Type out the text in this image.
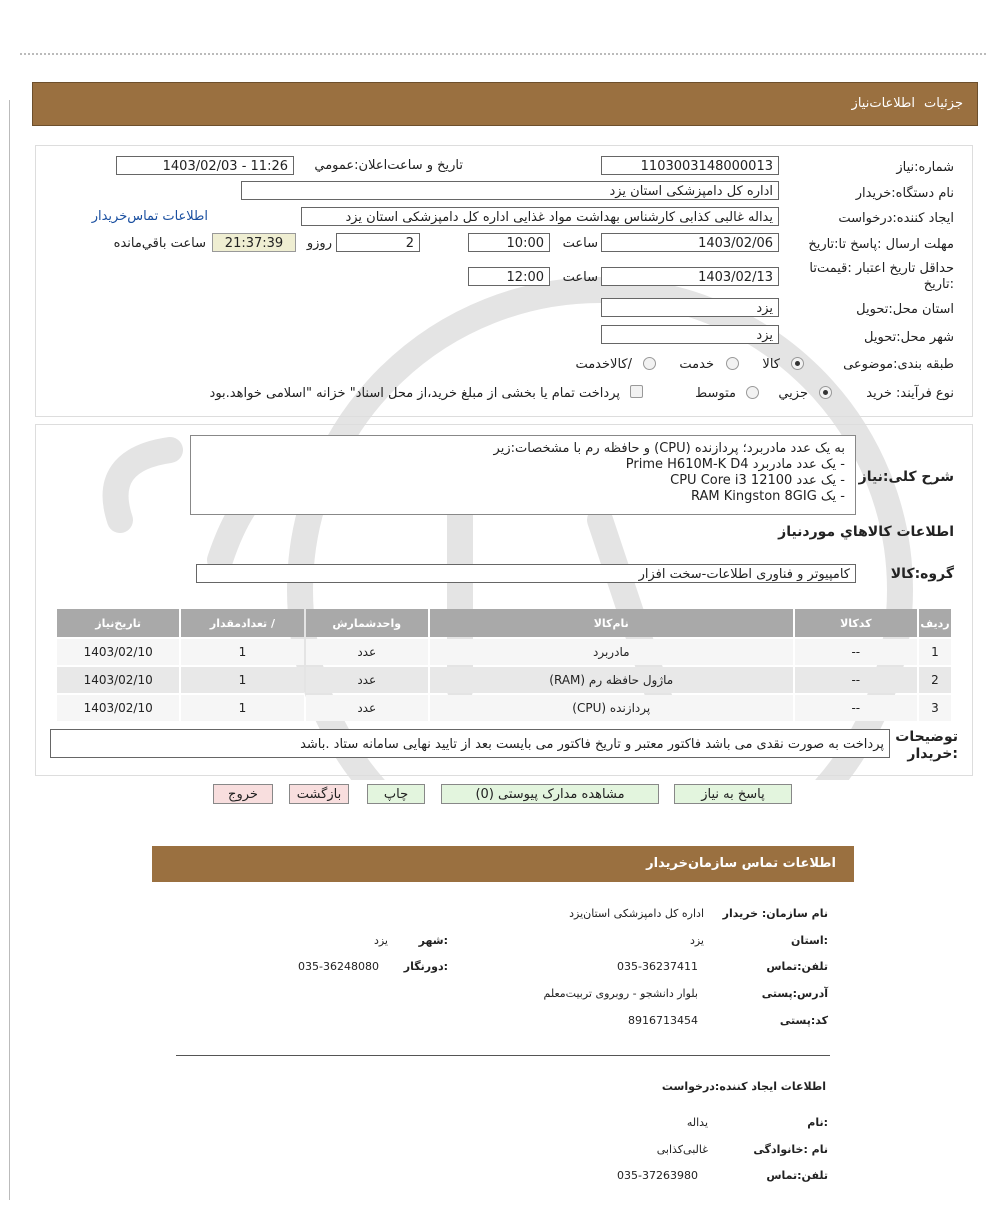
جزئیات
اطلاعات‌نیاز
شماره:نیاز
1103003148000013
تاریخ و ساعت‌اعلان:عمومي
1403/02/03 - 11:26
نام دستگاه:خریدار
اداره کل دامپزشکی استان یزد
ایجاد کننده:درخواست
یداله غالبی کذابی کارشناس بهداشت مواد غذایی اداره کل دامپزشکی استان یزد
اطلاعات تماس‌خریدار
مهلت ارسال :پاسخ تا:تاریخ
1403/02/06
ساعت
10:00
2
روزو
21:37:39
ساعت باقي‌مانده
حداقل تاریخ اعتبار :قیمت‌تا :تاریخ
1403/02/13
ساعت
12:00
استان محل:تحویل
یزد
شهر محل:تحویل
یزد
طبقه بندی:موضوعی
کالا
خدمت
/کالاخدمت
نوع فرآیند: خرید
جزيي
متوسط
پرداخت تمام یا بخشی از مبلغ خرید،از محل اسناد" خزانه "اسلامی خواهد.بود
شرح کلی:نیاز
به یک عدد مادربرد؛ پردازنده (CPU) و حافظه رم با مشخصات:زیر
- یک عدد مادربرد Prime H610M-K D4
- یک عدد CPU Core i3 12100
- یک RAM Kingston 8GIG
اطلاعات کالاهاي موردنیاز
گروه:کالا
کامپیوتر و فناوری اطلاعات-سخت افزار
ردیف	کدکالا	نام‌کالا	واحدشمارش	/ تعدادمقدار	تاریخ‌نیاز
1	--	مادربرد	عدد	1	1403/02/10
2	--	ماژول حافظه رم (RAM)	عدد	1	1403/02/10
3	--	پردازنده (CPU)	عدد	1	1403/02/10
توضیحات :خریدار
پرداخت به صورت نقدی می باشد فاکتور معتبر و تاریخ فاکتور می بایست بعد از تایید نهایی سامانه ستاد .باشد
پاسخ به نیاز
مشاهده مدارک پیوستی (0)
چاپ
بازگشت
خروج
اطلاعات تماس سازمان‌خریدار
نام سازمان: خریدار
اداره کل دامپزشکی استان‌یزد
:استان
یزد
:شهر
یزد
تلفن:تماس
035-36237411
:دورنگار
035-36248080
آدرس:پستی
بلوار دانشجو - روبروی تربیت‌معلم
کد:پستی
8916713454
اطلاعات ایجاد کننده:درخواست
:نام
یداله
نام :خانوادگی
غالبی‌کذابی
تلفن:تماس
035-37263980
